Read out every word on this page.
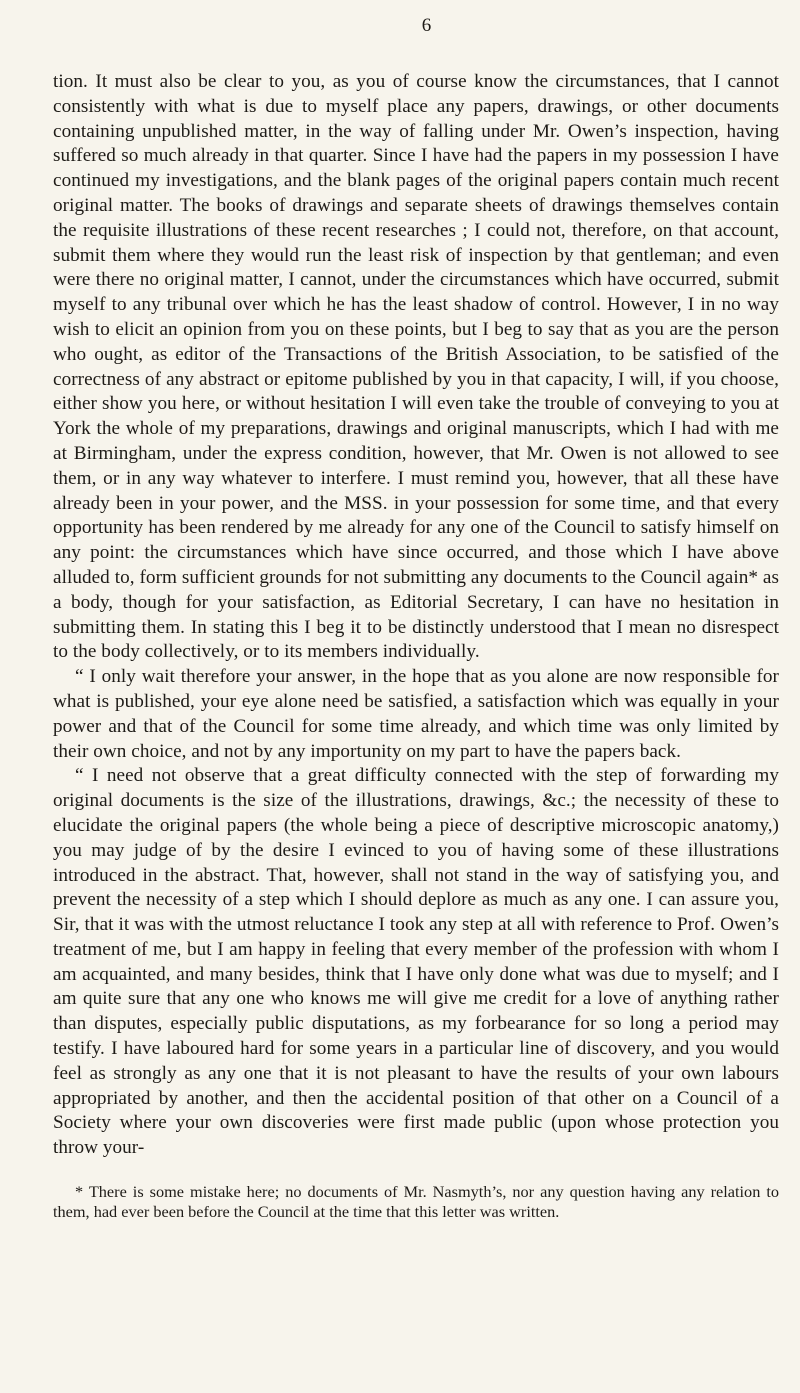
6

tion. It must also be clear to you, as you of course know the circumstances, that I cannot consistently with what is due to myself place any papers, drawings, or other documents containing unpublished matter, in the way of falling under Mr. Owen’s inspection, having suffered so much already in that quarter. Since I have had the papers in my possession I have continued my investigations, and the blank pages of the original papers contain much recent original matter. The books of drawings and separate sheets of drawings themselves contain the requisite illustrations of these recent researches ; I could not, therefore, on that account, submit them where they would run the least risk of inspection by that gentleman; and even were there no original matter, I cannot, under the circumstances which have occurred, submit myself to any tribunal over which he has the least shadow of control. However, I in no way wish to elicit an opinion from you on these points, but I beg to say that as you are the person who ought, as editor of the Transactions of the British Association, to be satisfied of the correctness of any abstract or epitome published by you in that capacity, I will, if you choose, either show you here, or without hesitation I will even take the trouble of conveying to you at York the whole of my preparations, drawings and original manuscripts, which I had with me at Birmingham, under the express condition, however, that Mr. Owen is not allowed to see them, or in any way whatever to interfere. I must remind you, however, that all these have already been in your power, and the MSS. in your possession for some time, and that every opportunity has been rendered by me already for any one of the Council to satisfy himself on any point: the circumstances which have since occurred, and those which I have above alluded to, form sufficient grounds for not submitting any documents to the Council again* as a body, though for your satisfaction, as Editorial Secretary, I can have no hesitation in submitting them. In stating this I beg it to be distinctly understood that I mean no disrespect to the body collectively, or to its members individually.

“ I only wait therefore your answer, in the hope that as you alone are now responsible for what is published, your eye alone need be satisfied, a satisfaction which was equally in your power and that of the Council for some time already, and which time was only limited by their own choice, and not by any importunity on my part to have the papers back.

“ I need not observe that a great difficulty connected with the step of forwarding my original documents is the size of the illustrations, drawings, &c.; the necessity of these to elucidate the original papers (the whole being a piece of descriptive microscopic anatomy,) you may judge of by the desire I evinced to you of having some of these illustrations introduced in the abstract. That, however, shall not stand in the way of satisfying you, and prevent the necessity of a step which I should deplore as much as any one. I can assure you, Sir, that it was with the utmost reluctance I took any step at all with reference to Prof. Owen’s treatment of me, but I am happy in feeling that every member of the profession with whom I am acquainted, and many besides, think that I have only done what was due to myself; and I am quite sure that any one who knows me will give me credit for a love of anything rather than disputes, especially public disputations, as my forbearance for so long a period may testify. I have laboured hard for some years in a particular line of discovery, and you would feel as strongly as any one that it is not pleasant to have the results of your own labours appropriated by another, and then the accidental position of that other on a Council of a Society where your own discoveries were first made public (upon whose protection you throw your-

* There is some mistake here; no documents of Mr. Nasmyth’s, nor any question having any relation to them, had ever been before the Council at the time that this letter was written.
